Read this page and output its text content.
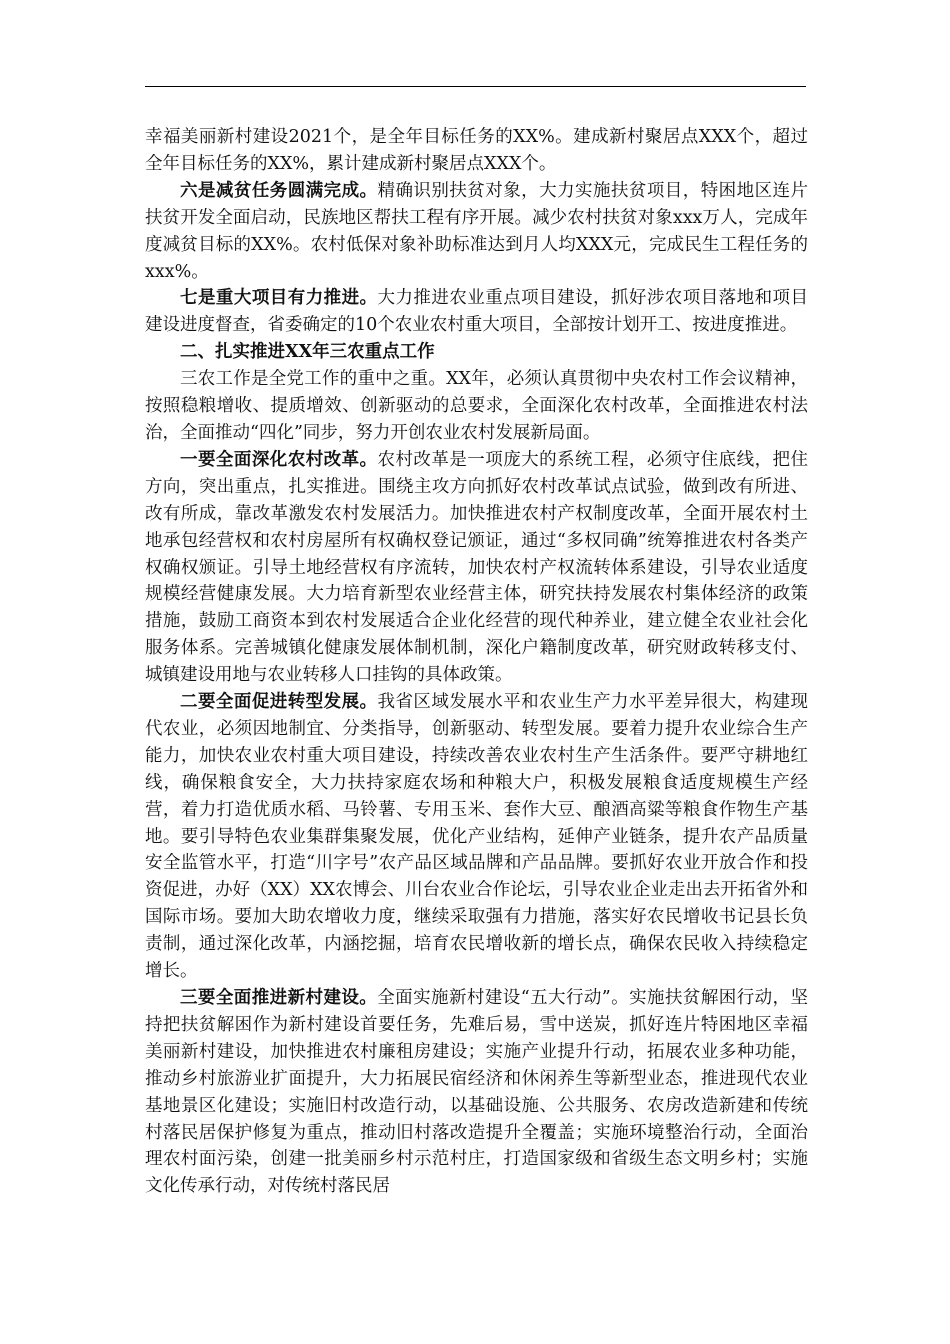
幸福美丽新村建设2021个，是全年目标任务的XX%。建成新村聚居点XXX个，超过全年目标任务的XX%，累计建成新村聚居点XXX个。

六是减贫任务圆满完成。精确识别扶贫对象，大力实施扶贫项目，特困地区连片扶贫开发全面启动，民族地区帮扶工程有序开展。减少农村扶贫对象xxx万人，完成年度减贫目标的XX%。农村低保对象补助标准达到月人均XXX元，完成民生工程任务的xxx%。

七是重大项目有力推进。大力推进农业重点项目建设，抓好涉农项目落地和项目建设进度督查，省委确定的10个农业农村重大项目，全部按计划开工、按进度推进。

二、扎实推进XX年三农重点工作

三农工作是全党工作的重中之重。XX年，必须认真贯彻中央农村工作会议精神，按照稳粮增收、提质增效、创新驱动的总要求，全面深化农村改革，全面推进农村法治，全面推动“四化”同步，努力开创农业农村发展新局面。

一要全面深化农村改革。农村改革是一项庞大的系统工程，必须守住底线，把住方向，突出重点，扎实推进。围绕主攻方向抓好农村改革试点试验，做到改有所进、改有所成，靠改革激发农村发展活力。加快推进农村产权制度改革，全面开展农村土地承包经营权和农村房屋所有权确权登记颁证，通过“多权同确”统筹推进农村各类产权确权颁证。引导土地经营权有序流转，加快农村产权流转体系建设，引导农业适度规模经营健康发展。大力培育新型农业经营主体，研究扶持发展农村集体经济的政策措施，鼓励工商资本到农村发展适合企业化经营的现代种养业，建立健全农业社会化服务体系。完善城镇化健康发展体制机制，深化户籍制度改革，研究财政转移支付、城镇建设用地与农业转移人口挂钩的具体政策。

二要全面促进转型发展。我省区域发展水平和农业生产力水平差异很大，构建现代农业，必须因地制宜、分类指导，创新驱动、转型发展。要着力提升农业综合生产能力，加快农业农村重大项目建设，持续改善农业农村生产生活条件。要严守耕地红线，确保粮食安全，大力扶持家庭农场和种粮大户，积极发展粮食适度规模生产经营，着力打造优质水稻、马铃薯、专用玉米、套作大豆、酿酒高粱等粮食作物生产基地。要引导特色农业集群集聚发展，优化产业结构，延伸产业链条，提升农产品质量安全监管水平，打造“川字号”农产品区域品牌和产品品牌。要抓好农业开放合作和投资促进，办好（XX）XX农博会、川台农业合作论坛，引导农业企业走出去开拓省外和国际市场。要加大助农增收力度，继续采取强有力措施，落实好农民增收书记县长负责制，通过深化改革，内涵挖掘，培育农民增收新的增长点，确保农民收入持续稳定增长。

三要全面推进新村建设。全面实施新村建设“五大行动”。实施扶贫解困行动，坚持把扶贫解困作为新村建设首要任务，先难后易，雪中送炭，抓好连片特困地区幸福美丽新村建设，加快推进农村廉租房建设；实施产业提升行动，拓展农业多种功能，推动乡村旅游业扩面提升，大力拓展民宿经济和休闲养生等新型业态，推进现代农业基地景区化建设；实施旧村改造行动，以基础设施、公共服务、农房改造新建和传统村落民居保护修复为重点，推动旧村落改造提升全覆盖；实施环境整治行动，全面治理农村面污染，创建一批美丽乡村示范村庄，打造国家级和省级生态文明乡村；实施文化传承行动，对传统村落民居
